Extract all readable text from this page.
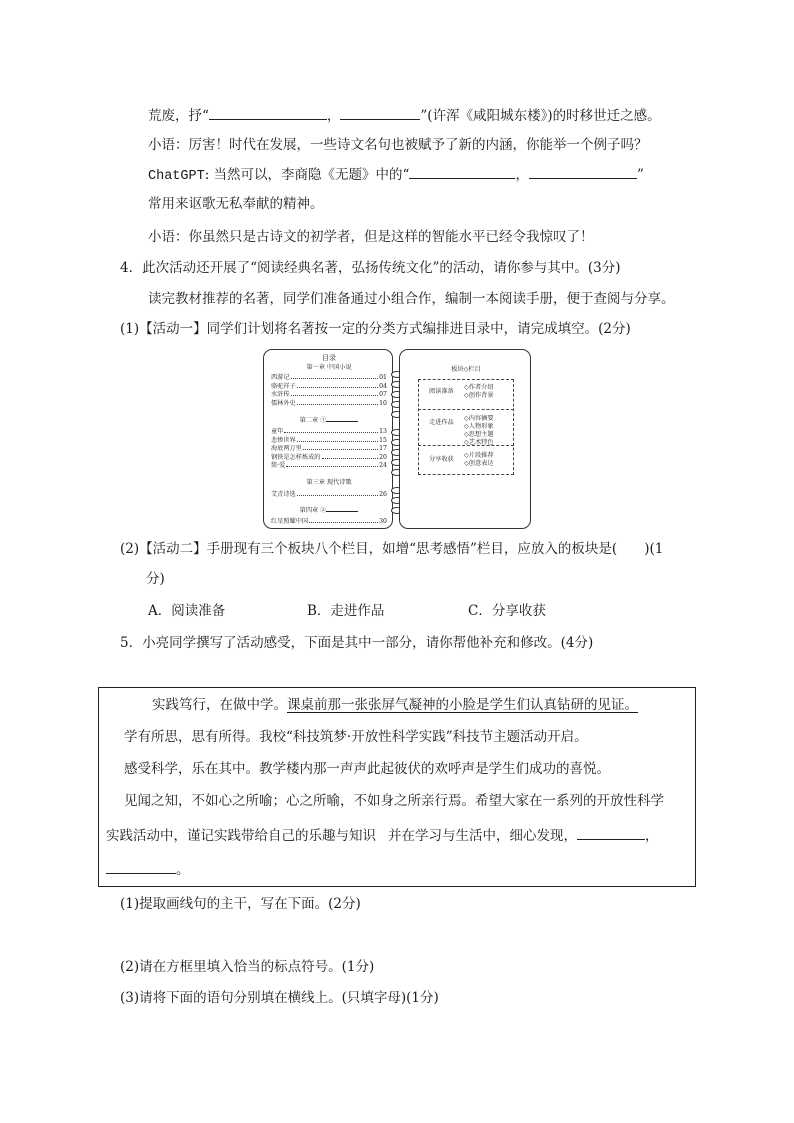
荒废，抒“	，	”(许浑《咸阳城东楼》)的时移世迁之感。
小语：厉害！时代在发展，一些诗文名句也被赋予了新的内涵，你能举一个例子吗？
ChatGPT: 当然可以，李商隐《无题》中的“	，	”
常用来讴歌无私奉献的精神。
小语：你虽然只是古诗文的初学者，但是这样的智能水平已经令我惊叹了！
4．此次活动还开展了“阅读经典名著，弘扬传统文化”的活动，请你参与其中。(3分)
读完教材推荐的名著，同学们准备通过小组合作，编制一本阅读手册，便于查阅与分享。
(1)【活动一】同学们计划将名著按一定的分类方式编排进目录中，请完成填空。(2分)
目录
第一章 中国小说
西游记	01
骆驼祥子	04
水浒传	07
儒林外史	10
第二章 ①
童年	13
悲惨世界	15
海底两万里	17
钢铁是怎样炼成的	20
简·爱	24
第三章 现代诗歌
艾青诗选	26
第四章 ②
红星照耀中国	30
板块◇栏目
阅读准备
◇作者介绍
◇创作背景
走进作品
◇内容摘要
◇人物形象
◇思想主题
◇艺术特色
分享收获
◇片段推荐
◇创意表达
(2)【活动二】手册现有三个板块八个栏目，如增“思考感悟”栏目，应放入的板块是(　　)(1
分)
A．阅读准备	B．走进作品	C．分享收获
5．小亮同学撰写了活动感受，下面是其中一部分，请你帮他补充和修改。(4分)
实践笃行，在做中学。课桌前那一张张屏气凝神的小脸是学生们认真钻研的见证。
学有所思，思有所得。我校“科技筑梦·开放性科学实践”科技节主题活动开启。
感受科学，乐在其中。教学楼内那一声声此起彼伏的欢呼声是学生们成功的喜悦。
见闻之知，不如心之所喻；心之所喻，不如身之所亲行焉。希望大家在一系列的开放性科学
实践活动中，谨记实践带给自己的乐趣与知识 并在学习与生活中，细心发现，	，
。
(1)提取画线句的主干，写在下面。(2分)
(2)请在方框里填入恰当的标点符号。(1分)
(3)请将下面的语句分别填在横线上。(只填字母)(1分)
